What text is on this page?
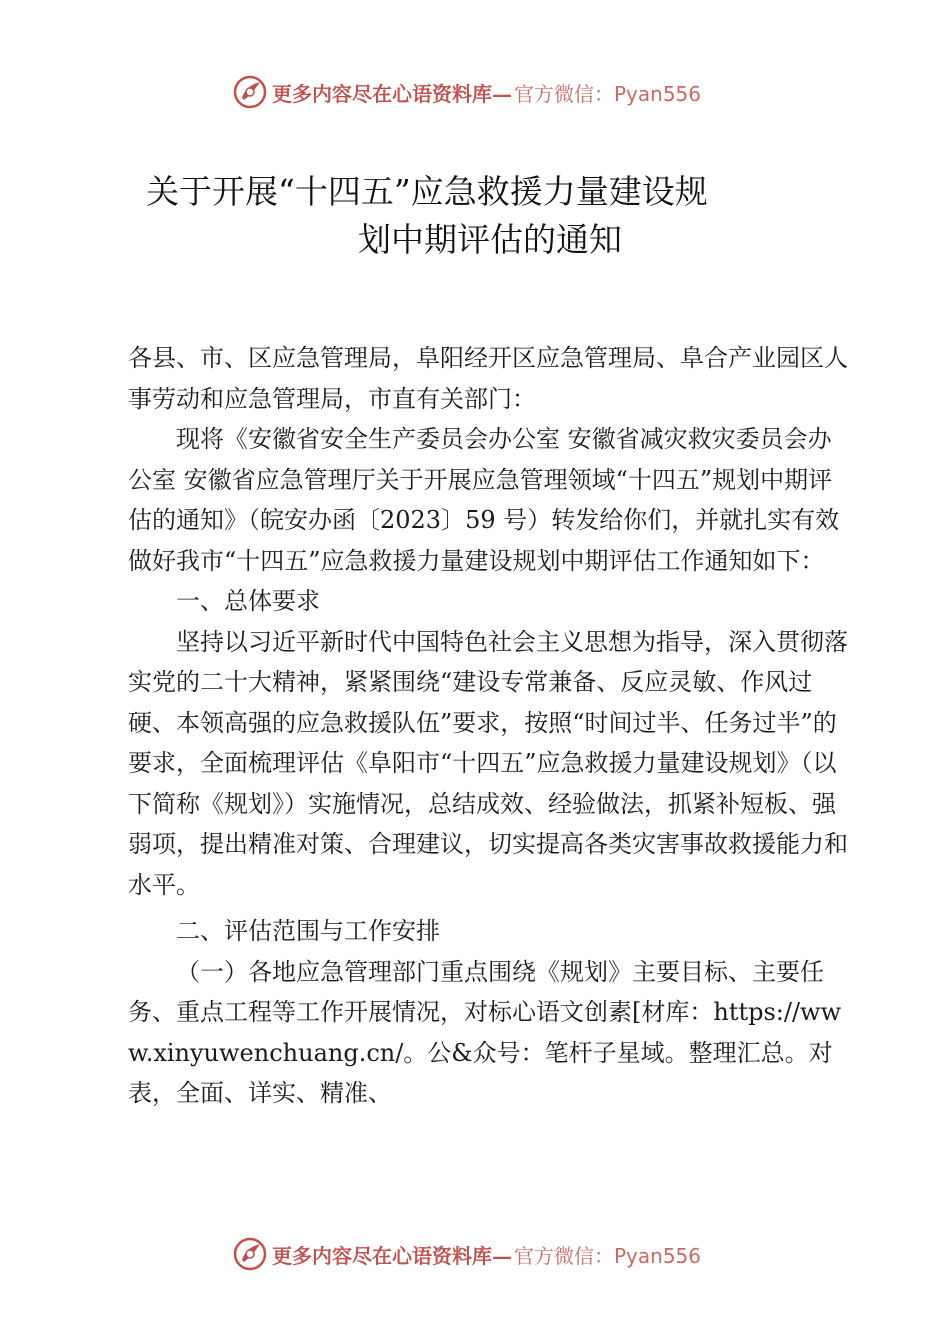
更多内容尽在心语资料库— 官方微信：Pyan556
关于开展“十四五”应急救援力量建设规
划中期评估的通知

各县、市、区应急管理局，阜阳经开区应急管理局、阜合产业园区人事劳动和应急管理局，市直有关部门：

现将《安徽省安全生产委员会办公室 安徽省减灾救灾委员会办公室 安徽省应急管理厅关于开展应急管理领域“十四五”规划中期评估的通知》（皖安办函〔2023〕59 号）转发给你们，并就扎实有效做好我市“十四五”应急救援力量建设规划中期评估工作通知如下：

一、总体要求

坚持以习近平新时代中国特色社会主义思想为指导，深入贯彻落实党的二十大精神，紧紧围绕“建设专常兼备、反应灵敏、作风过硬、本领高强的应急救援队伍”要求，按照“时间过半、任务过半”的要求，全面梳理评估《阜阳市“十四五”应急救援力量建设规划》（以下简称《规划》）实施情况，总结成效、经验做法，抓紧补短板、强弱项，提出精准对策、合理建议，切实提高各类灾害事故救援能力和水平。

二、评估范围与工作安排

（一）各地应急管理部门重点围绕《规划》主要目标、主要任务、重点工程等工作开展情况，对标心语文创素[材库：https://www.xinyuwenchuang.cn/。公&众号：笔杆子星域。整理汇总。对表，全面、详实、精准、

更多内容尽在心语资料库— 官方微信：Pyan556
